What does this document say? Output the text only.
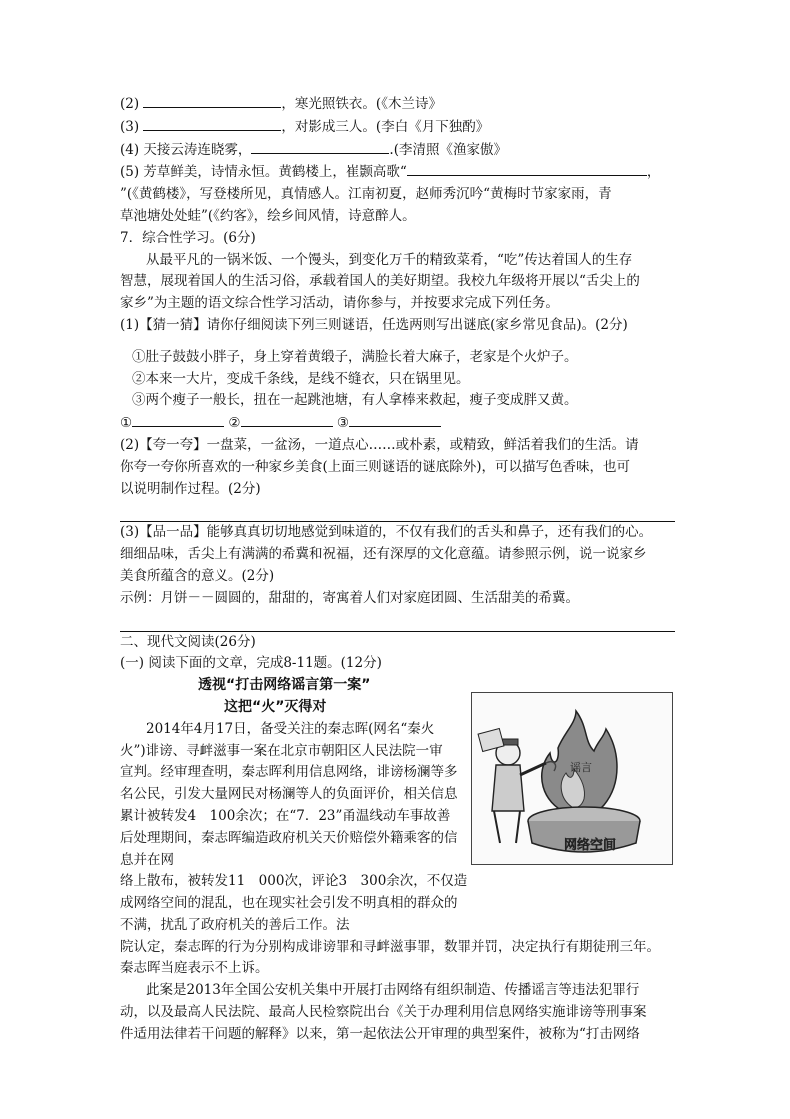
(2)	，寒光照铁衣。(《木兰诗》
(3)	，对影成三人。(李白《月下独酌》
(4) 天接云涛连晓雾，	.(李清照《渔家傲》
(5) 芳草鲜美，诗情永恒。黄鹤楼上，崔颢高歌“	，
”(《黄鹤楼》，写登楼所见，真情感人。江南初夏，赵师秀沉吟“黄梅时节家家雨，青
草池塘处处蛙”(《约客》，绘乡间风情，诗意醉人。
7．综合性学习。(6分)
从最平凡的一锅米饭、一个馒头，到变化万千的精致菜肴，“吃”传达着国人的生存
智慧，展现着国人的生活习俗，承载着国人的美好期望。我校九年级将开展以“舌尖上的
家乡”为主题的语文综合性学习活动，请你参与，并按要求完成下列任务。
(1)【猜一猜】请你仔细阅读下列三则谜语，任选两则写出谜底(家乡常见食品)。(2分)
①肚子鼓鼓小胖子，身上穿着黄缎子，满脸长着大麻子，老家是个火炉子。
②本来一大片，变成千条线，是线不缝衣，只在锅里见。
③两个瘦子一般长，扭在一起跳池塘，有人拿棒来救起，瘦子变成胖又黄。
①	②	③
(2)【夸一夸】一盘菜，一盆汤，一道点心……或朴素，或精致，鲜活着我们的生活。请
你夸一夸你所喜欢的一种家乡美食(上面三则谜语的谜底除外)，可以描写色香味，也可
以说明制作过程。(2分)
(3)【品一品】能够真真切切地感觉到味道的，不仅有我们的舌头和鼻子，还有我们的心。
细细品味，舌尖上有满满的希冀和祝福，还有深厚的文化意蕴。请参照示例，说一说家乡
美食所蕴含的意义。(2分)
示例：月饼－－圆圆的，甜甜的，寄寓着人们对家庭团圆、生活甜美的希冀。
二、现代文阅读(26分)
(一) 阅读下面的文章，完成8-11题。(12分)
透视“打击网络谣言第一案”
这把“火”灭得对
2014年4月17日，备受关注的秦志晖(网名“秦火
火”)诽谤、寻衅滋事一案在北京市朝阳区人民法院一审
宣判。经审理查明，秦志晖利用信息网络，诽谤杨澜等多
名公民，引发大量网民对杨澜等人的负面评价，相关信息
累计被转发4　100余次；在“7．23”甬温线动车事故善
后处理期间，秦志晖编造政府机关天价赔偿外籍乘客的信
息并在网
络上散布，被转发11　000次，评论3　300余次，不仅造
成网络空间的混乱，也在现实社会引发不明真相的群众的
不满，扰乱了政府机关的善后工作。法
院认定，秦志晖的行为分别构成诽谤罪和寻衅滋事罪，数罪并罚，决定执行有期徒刑三年。
秦志晖当庭表示不上诉。
此案是2013年全国公安机关集中开展打击网络有组织制造、传播谣言等违法犯罪行
动，以及最高人民法院、最高人民检察院出台《关于办理利用信息网络实施诽谤等刑事案
件适用法律若干问题的解释》以来，第一起依法公开审理的典型案件，被称为“打击网络
谣言
网络空间
